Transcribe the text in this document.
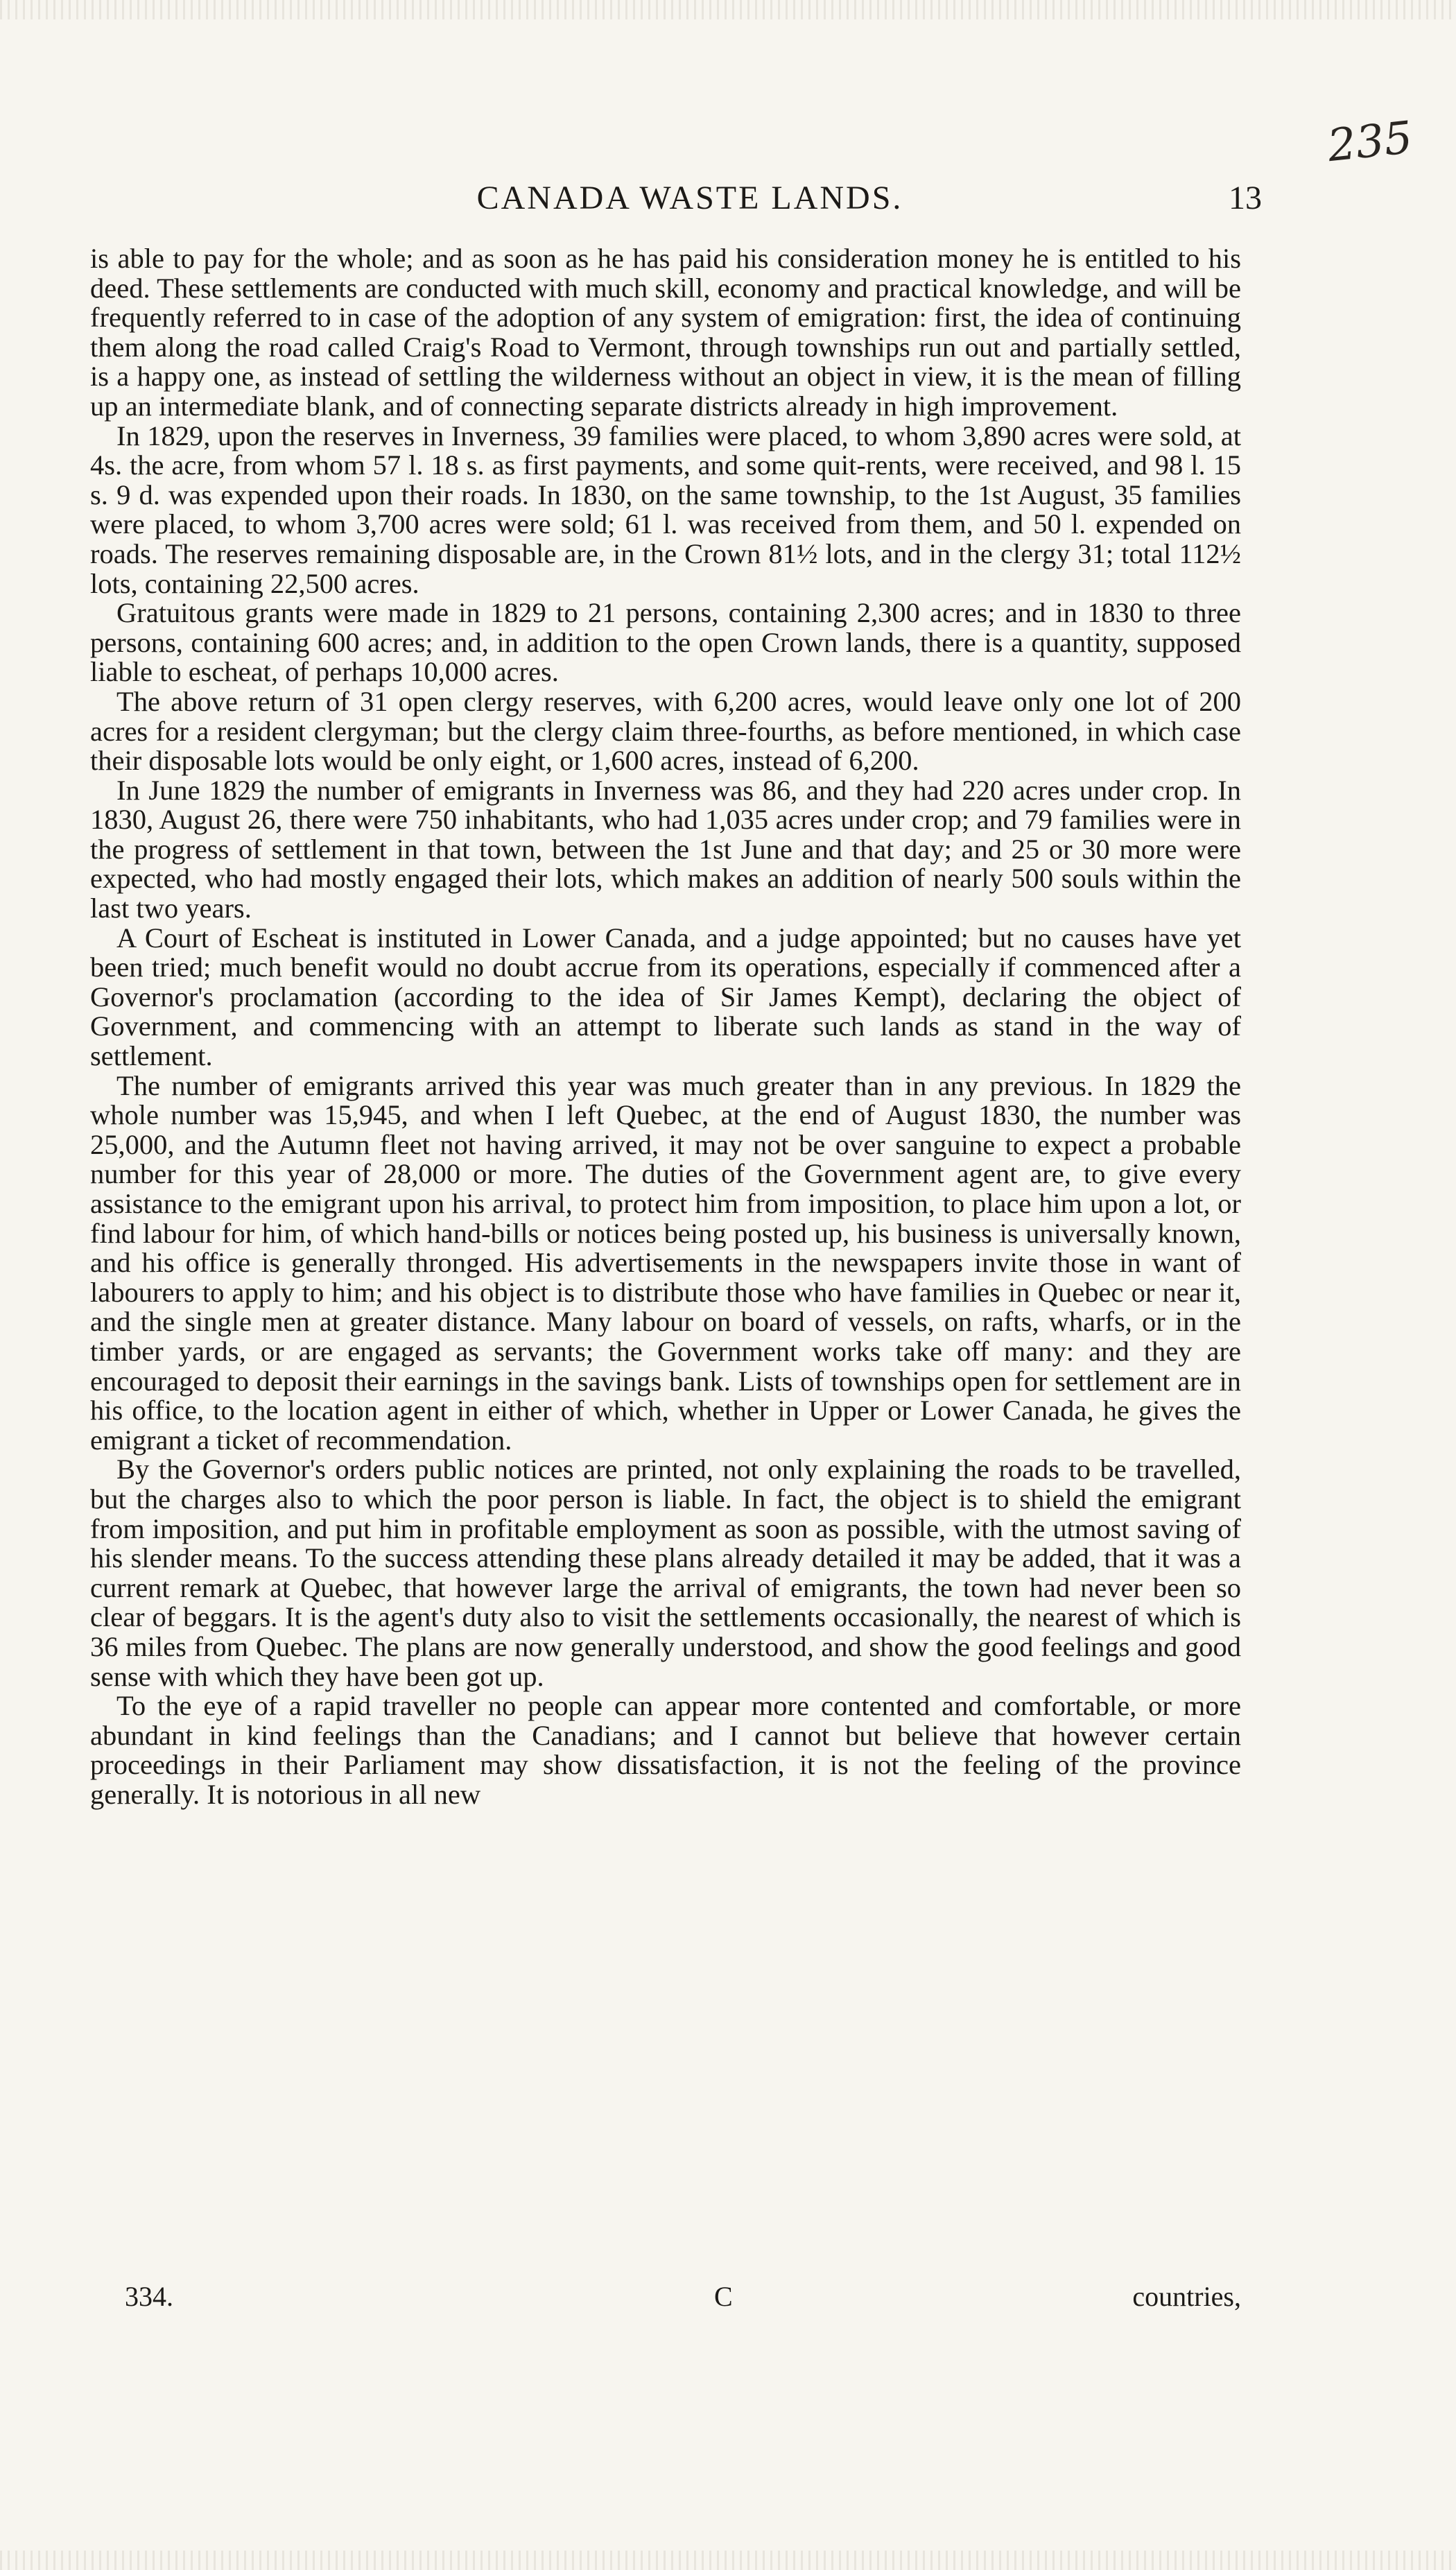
235
CANADA WASTE LANDS.	13

is able to pay for the whole; and as soon as he has paid his consideration money he is entitled to his deed. These settlements are conducted with much skill, economy and practical knowledge, and will be frequently referred to in case of the adoption of any system of emigration: first, the idea of continuing them along the road called Craig's Road to Vermont, through townships run out and partially settled, is a happy one, as instead of settling the wilderness without an object in view, it is the mean of filling up an intermediate blank, and of connecting separate districts already in high improvement.

In 1829, upon the reserves in Inverness, 39 families were placed, to whom 3,890 acres were sold, at 4s. the acre, from whom 57 l. 18 s. as first payments, and some quit-rents, were received, and 98 l. 15 s. 9 d. was expended upon their roads. In 1830, on the same township, to the 1st August, 35 families were placed, to whom 3,700 acres were sold; 61 l. was received from them, and 50 l. expended on roads. The reserves remaining disposable are, in the Crown 81½ lots, and in the clergy 31; total 112½ lots, containing 22,500 acres.

Gratuitous grants were made in 1829 to 21 persons, containing 2,300 acres; and in 1830 to three persons, containing 600 acres; and, in addition to the open Crown lands, there is a quantity, supposed liable to escheat, of perhaps 10,000 acres.

The above return of 31 open clergy reserves, with 6,200 acres, would leave only one lot of 200 acres for a resident clergyman; but the clergy claim three-fourths, as before mentioned, in which case their disposable lots would be only eight, or 1,600 acres, instead of 6,200.

In June 1829 the number of emigrants in Inverness was 86, and they had 220 acres under crop. In 1830, August 26, there were 750 inhabitants, who had 1,035 acres under crop; and 79 families were in the progress of settlement in that town, between the 1st June and that day; and 25 or 30 more were expected, who had mostly engaged their lots, which makes an addition of nearly 500 souls within the last two years.

A Court of Escheat is instituted in Lower Canada, and a judge appointed; but no causes have yet been tried; much benefit would no doubt accrue from its operations, especially if commenced after a Governor's proclamation (according to the idea of Sir James Kempt), declaring the object of Government, and commencing with an attempt to liberate such lands as stand in the way of settlement.

The number of emigrants arrived this year was much greater than in any previous. In 1829 the whole number was 15,945, and when I left Quebec, at the end of August 1830, the number was 25,000, and the Autumn fleet not having arrived, it may not be over sanguine to expect a probable number for this year of 28,000 or more. The duties of the Government agent are, to give every assistance to the emigrant upon his arrival, to protect him from imposition, to place him upon a lot, or find labour for him, of which hand-bills or notices being posted up, his business is universally known, and his office is generally thronged. His advertisements in the newspapers invite those in want of labourers to apply to him; and his object is to distribute those who have families in Quebec or near it, and the single men at greater distance. Many labour on board of vessels, on rafts, wharfs, or in the timber yards, or are engaged as servants; the Government works take off many: and they are encouraged to deposit their earnings in the savings bank. Lists of townships open for settlement are in his office, to the location agent in either of which, whether in Upper or Lower Canada, he gives the emigrant a ticket of recommendation.

By the Governor's orders public notices are printed, not only explaining the roads to be travelled, but the charges also to which the poor person is liable. In fact, the object is to shield the emigrant from imposition, and put him in profitable employment as soon as possible, with the utmost saving of his slender means. To the success attending these plans already detailed it may be added, that it was a current remark at Quebec, that however large the arrival of emigrants, the town had never been so clear of beggars. It is the agent's duty also to visit the settlements occasionally, the nearest of which is 36 miles from Quebec. The plans are now generally understood, and show the good feelings and good sense with which they have been got up.

To the eye of a rapid traveller no people can appear more contented and comfortable, or more abundant in kind feelings than the Canadians; and I cannot but believe that however certain proceedings in their Parliament may show dissatisfaction, it is not the feeling of the province generally. It is notorious in all new

334.	C	countries,
